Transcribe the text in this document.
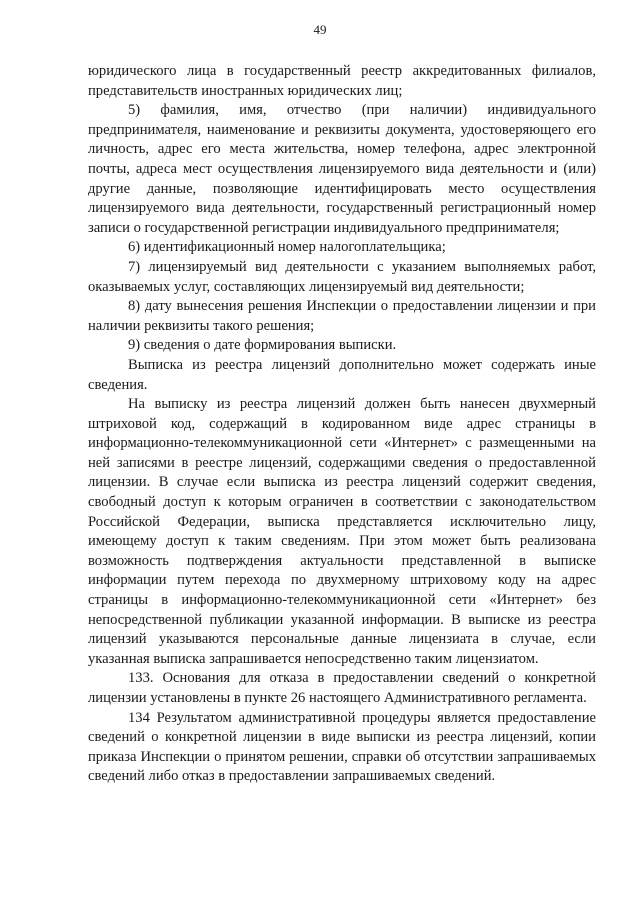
49

юридического лица в государственный реестр аккредитованных филиалов, представительств иностранных юридических лиц;

5) фамилия, имя, отчество (при наличии) индивидуального предпринимателя, наименование и реквизиты документа, удостоверяющего его личность, адрес его места жительства, номер телефона, адрес электронной почты, адреса мест осуществления лицензируемого вида деятельности и (или) другие данные, позволяющие идентифицировать место осуществления лицензируемого вида деятельности, государственный регистрационный номер записи о государственной регистрации индивидуального предпринимателя;

6) идентификационный номер налогоплательщика;

7) лицензируемый вид деятельности с указанием выполняемых работ, оказываемых услуг, составляющих лицензируемый вид деятельности;

8) дату вынесения решения Инспекции о предоставлении лицензии и при наличии реквизиты такого решения;

9) сведения о дате формирования выписки.

Выписка из реестра лицензий дополнительно может содержать иные сведения.

На выписку из реестра лицензий должен быть нанесен двухмерный штриховой код, содержащий в кодированном виде адрес страницы в информационно-телекоммуникационной сети «Интернет» с размещенными на ней записями в реестре лицензий, содержащими сведения о предоставленной лицензии. В случае если выписка из реестра лицензий содержит сведения, свободный доступ к которым ограничен в соответствии с законодательством Российской Федерации, выписка представляется исключительно лицу, имеющему доступ к таким сведениям. При этом может быть реализована возможность подтверждения актуальности представленной в выписке информации путем перехода по двухмерному штриховому коду на адрес страницы в информационно-телекоммуникационной сети «Интернет» без непосредственной публикации указанной информации. В выписке из реестра лицензий указываются персональные данные лицензиата в случае, если указанная выписка запрашивается непосредственно таким лицензиатом.

133. Основания для отказа в предоставлении сведений о конкретной лицензии установлены в пункте 26 настоящего Административного регламента.

134 Результатом административной процедуры является предоставление сведений о конкретной лицензии в виде выписки из реестра лицензий, копии приказа Инспекции о принятом решении, справки об отсутствии запрашиваемых сведений либо отказ в предоставлении запрашиваемых сведений.
